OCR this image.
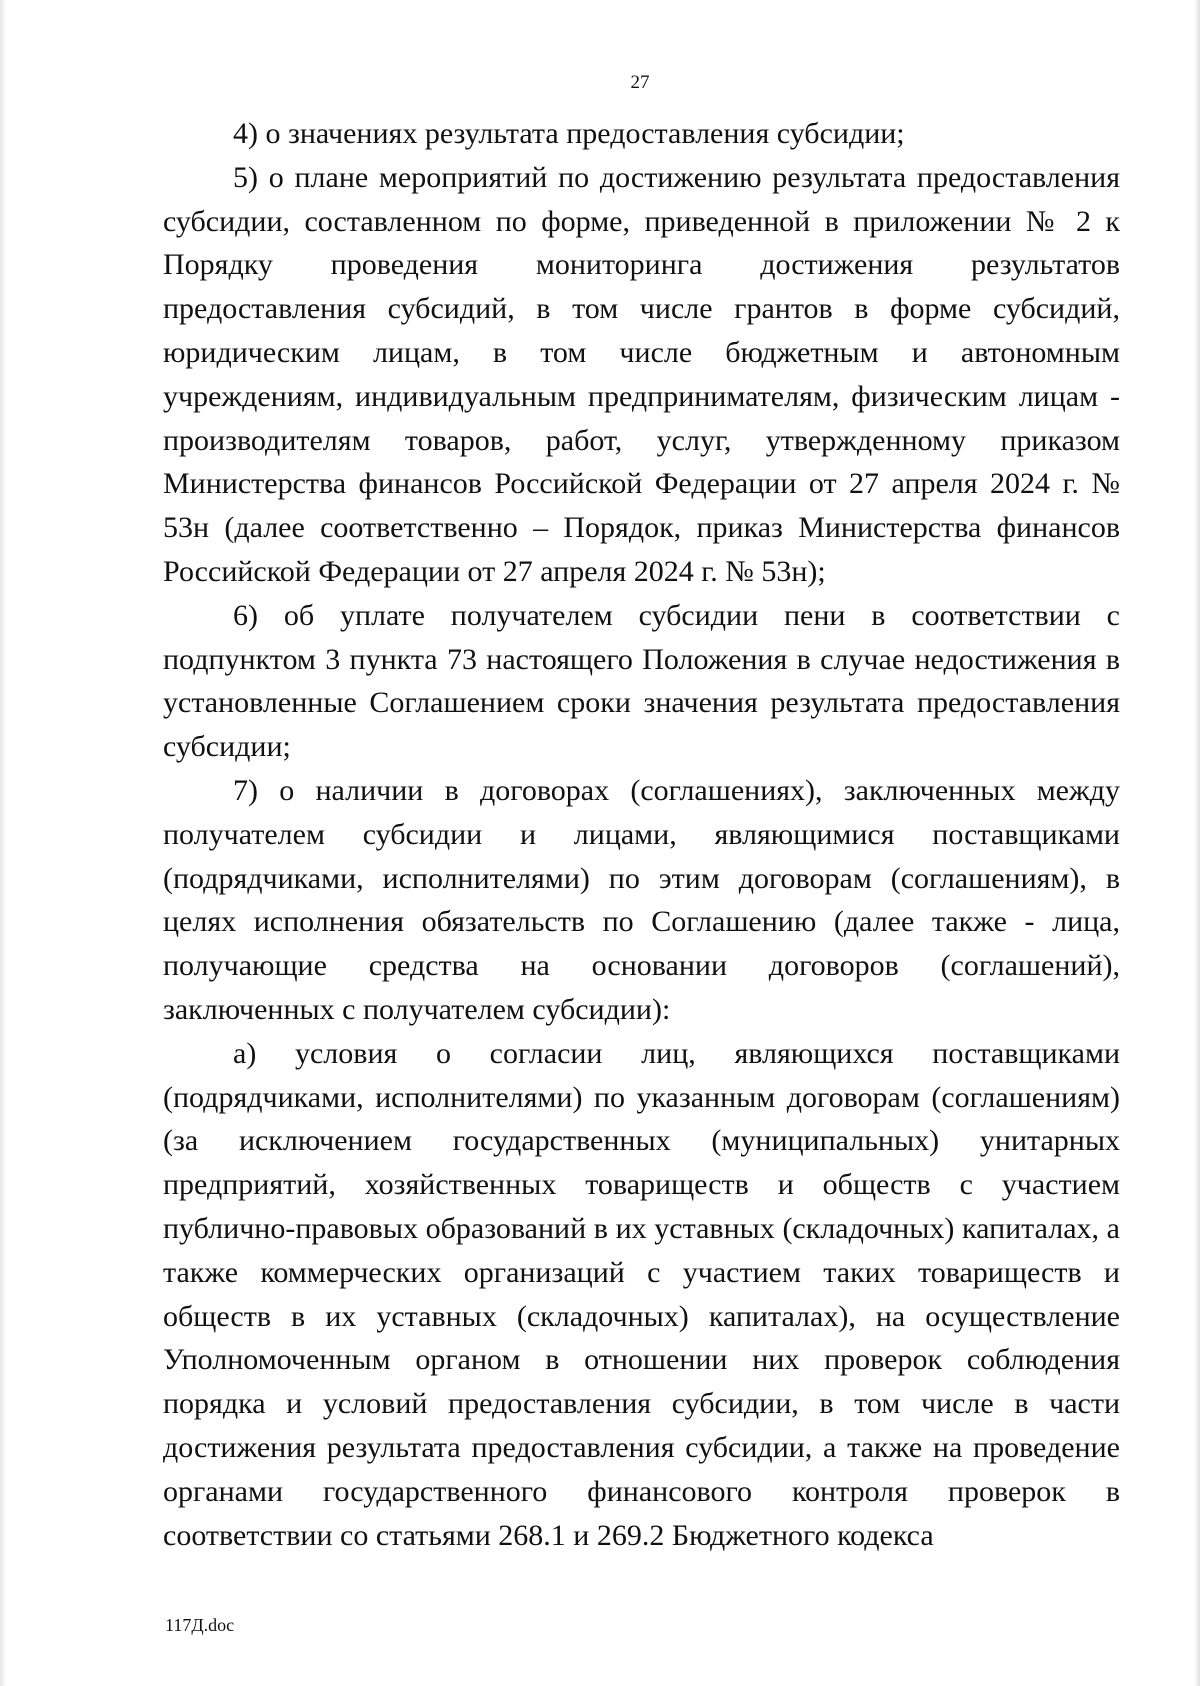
27

4) о значениях результата предоставления субсидии;

5) о плане мероприятий по достижению результата предоставления субсидии, составленном по форме, приведенной в приложении № 2 к Порядку проведения мониторинга достижения результатов предоставления субсидий, в том числе грантов в форме субсидий, юридическим лицам, в том числе бюджетным и автономным учреждениям, индивидуальным предпринимателям, физическим лицам - производителям товаров, работ, услуг, утвержденному приказом Министерства финансов Российской Федерации от 27 апреля 2024 г. № 53н (далее соответственно – Порядок, приказ Министерства финансов Российской Федерации от 27 апреля 2024 г. № 53н);

6) об уплате получателем субсидии пени в соответствии с подпунктом 3 пункта 73 настоящего Положения в случае недостижения в установленные Соглашением сроки значения результата предоставления субсидии;

7) о наличии в договорах (соглашениях), заключенных между получателем субсидии и лицами, являющимися поставщиками (подрядчиками, исполнителями) по этим договорам (соглашениям), в целях исполнения обязательств по Соглашению (далее также - лица, получающие средства на основании договоров (соглашений), заключенных с получателем субсидии):

а) условия о согласии лиц, являющихся поставщиками (подрядчиками, исполнителями) по указанным договорам (соглашениям) (за исключением государственных (муниципальных) унитарных предприятий, хозяйственных товариществ и обществ с участием публично-правовых образований в их уставных (складочных) капиталах, а также коммерческих организаций с участием таких товариществ и обществ в их уставных (складочных) капиталах), на осуществление Уполномоченным органом в отношении них проверок соблюдения порядка и условий предоставления субсидии, в том числе в части достижения результата предоставления субсидии, а также на проведение органами государственного финансового контроля проверок в соответствии со статьями 268.1 и 269.2 Бюджетного кодекса

117Д.doc
